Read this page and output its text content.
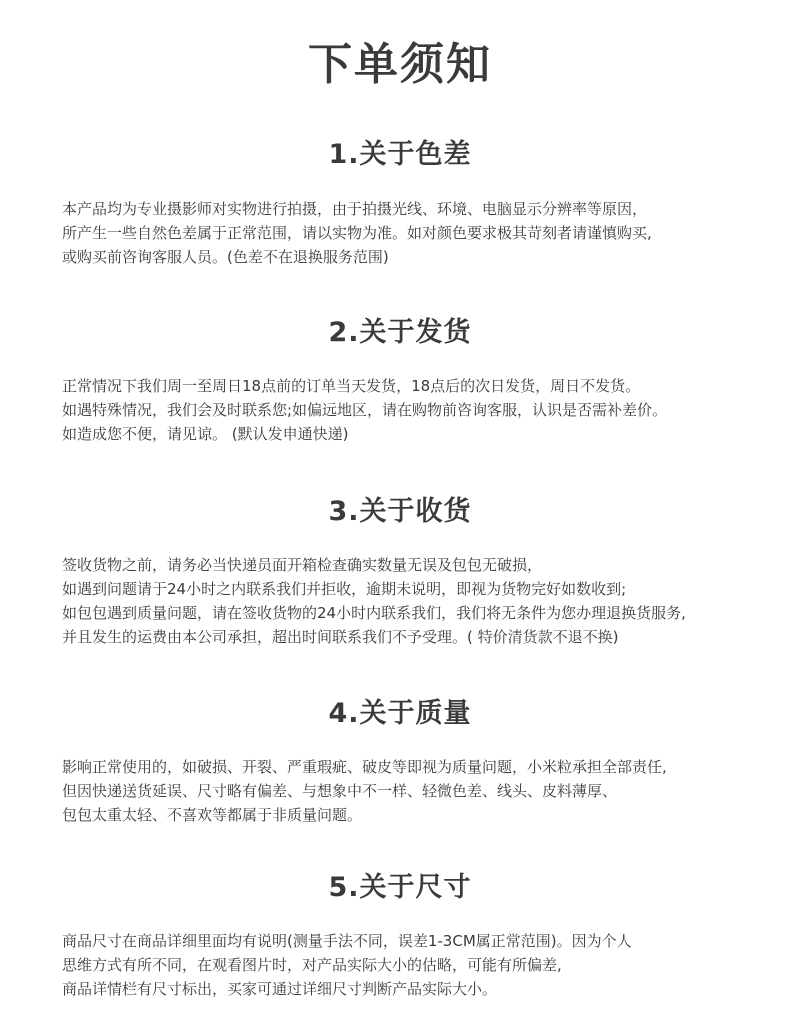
下单须知
1.关于色差
本产品均为专业摄影师对实物进行拍摄，由于拍摄光线、环境、电脑显示分辨率等原因，
所产生一些自然色差属于正常范围，请以实物为准。如对颜色要求极其苛刻者请谨慎购买,
或购买前咨询客服人员。(色差不在退换服务范围)
2.关于发货
正常情况下我们周一至周日18点前的订单当天发货，18点后的次日发货，周日不发货。
如遇特殊情况，我们会及时联系您;如偏远地区，请在购物前咨询客服，认识是否需补差价。
如造成您不便，请见谅。 (默认发申通快递)
3.关于收货
签收货物之前，请务必当快递员面开箱检查确实数量无误及包包无破损，
如遇到问题请于24小时之内联系我们并拒收，逾期未说明，即视为货物完好如数收到;
如包包遇到质量问题，请在签收货物的24小时内联系我们，我们将无条件为您办理退换货服务,
并且发生的运费由本公司承担，超出时间联系我们不予受理。( 特价清货款不退不换)
4.关于质量
影响正常使用的，如破损、开裂、严重瑕疵、破皮等即视为质量问题，小米粒承担全部责任,
但因快递送货延误、尺寸略有偏差、与想象中不一样、轻微色差、线头、皮料薄厚、
包包太重太轻、不喜欢等都属于非质量问题。
5.关于尺寸
商品尺寸在商品详细里面均有说明(测量手法不同，误差1-3CM属正常范围)。因为个人
思维方式有所不同，在观看图片时，对产品实际大小的估略，可能有所偏差,
商品详情栏有尺寸标出，买家可通过详细尺寸判断产品实际大小。
